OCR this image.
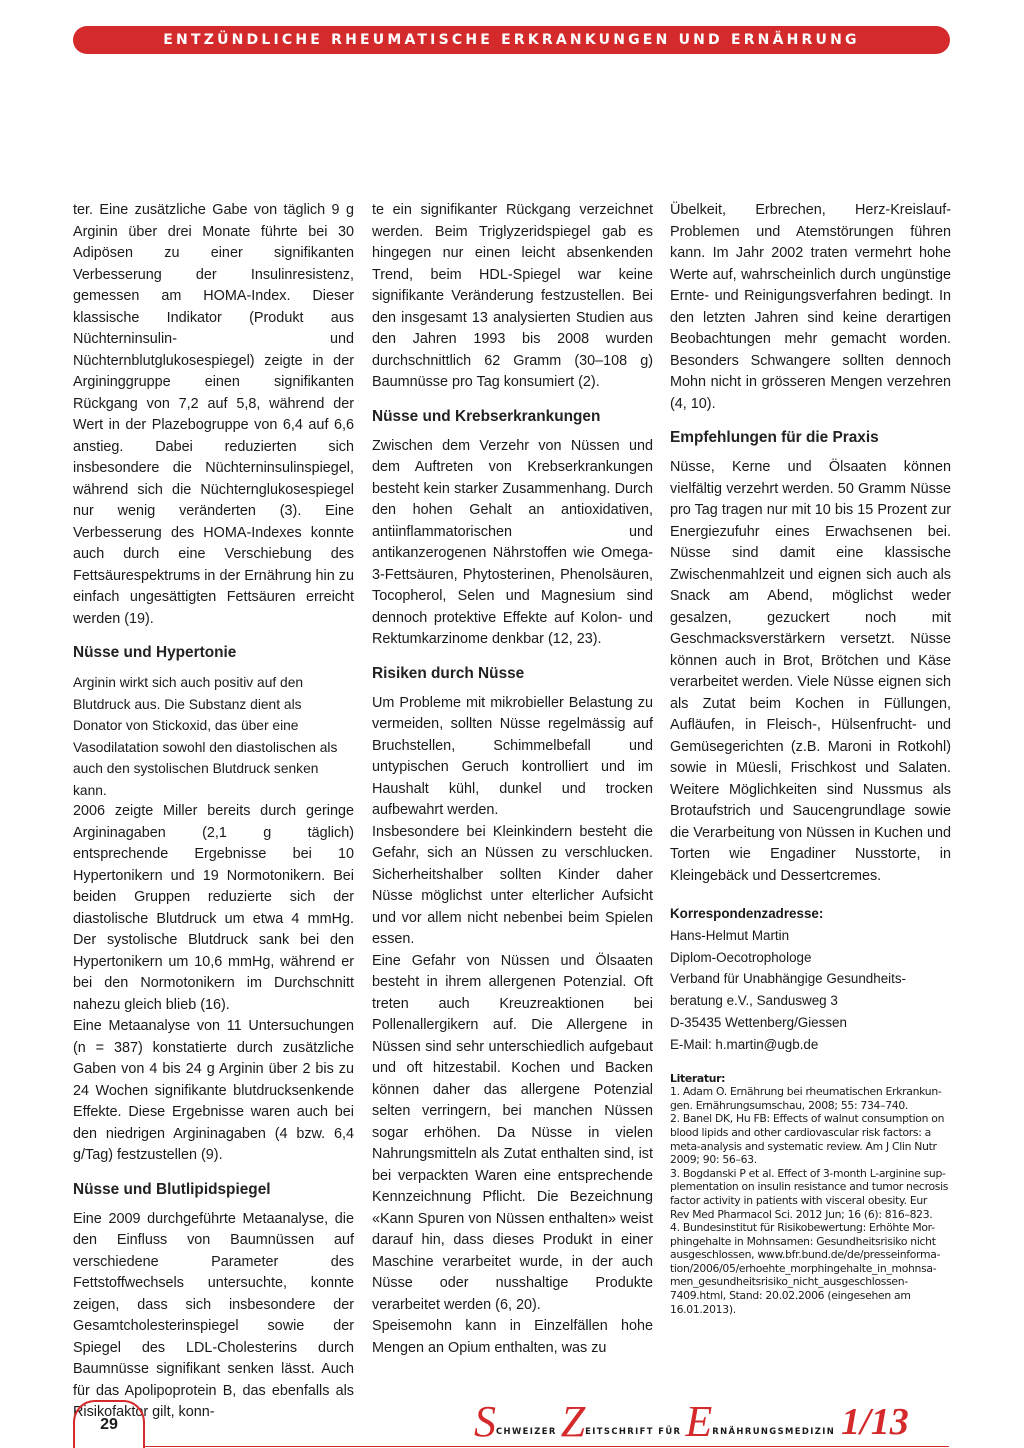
ENTZÜNDLICHE RHEUMATISCHE ERKRANKUNGEN UND ERNÄHRUNG

ter. Eine zusätzliche Gabe von täglich 9 g Arginin über drei Monate führte bei 30 Adipösen zu einer signifikanten Verbesserung der Insulinresistenz, gemessen am HOMA-Index. Dieser klassische Indikator (Produkt aus Nüchterninsulin- und Nüchternblutglukosespiegel) zeigte in der Argininggruppe einen signifikanten Rückgang von 7,2 auf 5,8, während der Wert in der Plazebogruppe von 6,4 auf 6,6 anstieg. Dabei reduzierten sich insbesondere die Nüchterninsulinspiegel, während sich die Nüchternglukosespiegel nur wenig veränderten (3). Eine Verbesserung des HOMA-Indexes konnte auch durch eine Verschiebung des Fettsäurespektrums in der Ernährung hin zu einfach ungesättigten Fettsäuren erreicht werden (19).

Nüsse und Hypertonie

Arginin wirkt sich auch positiv auf den Blutdruck aus. Die Substanz dient als Donator von Stickoxid, das über eine Vasodilatation sowohl den diastolischen als auch den systolischen Blutdruck senken kann.

2006 zeigte Miller bereits durch geringe Argininagaben (2,1 g täglich) entsprechende Ergebnisse bei 10 Hypertonikern und 19 Normotonikern. Bei beiden Gruppen reduzierte sich der diastolische Blutdruck um etwa 4 mmHg. Der systolische Blutdruck sank bei den Hypertonikern um 10,6 mmHg, während er bei den Normotonikern im Durchschnitt nahezu gleich blieb (16).

Eine Metaanalyse von 11 Untersuchungen (n = 387) konstatierte durch zusätzliche Gaben von 4 bis 24 g Arginin über 2 bis zu 24 Wochen signifikante blutdrucksenkende Effekte. Diese Ergebnisse waren auch bei den niedrigen Argininagaben (4 bzw. 6,4 g/Tag) festzustellen (9).

Nüsse und Blutlipidspiegel

Eine 2009 durchgeführte Metaanalyse, die den Einfluss von Baumnüssen auf verschiedene Parameter des Fettstoffwechsels untersuchte, konnte zeigen, dass sich insbesondere der Gesamtcholesterinspiegel sowie der Spiegel des LDL-Cholesterins durch Baumnüsse signifikant senken lässt. Auch für das Apolipoprotein B, das ebenfalls als Risikofaktor gilt, konn-

te ein signifikanter Rückgang verzeichnet werden. Beim Triglyzeridspiegel gab es hingegen nur einen leicht absenkenden Trend, beim HDL-Spiegel war keine signifikante Veränderung festzustellen. Bei den insgesamt 13 analysierten Studien aus den Jahren 1993 bis 2008 wurden durchschnittlich 62 Gramm (30–108 g) Baumnüsse pro Tag konsumiert (2).

Nüsse und Krebserkrankungen

Zwischen dem Verzehr von Nüssen und dem Auftreten von Krebserkrankungen besteht kein starker Zusammenhang. Durch den hohen Gehalt an antioxidativen, antiinflammatorischen und antikanzerogenen Nährstoffen wie Omega-3-Fettsäuren, Phytosterinen, Phenolsäuren, Tocopherol, Selen und Magnesium sind dennoch protektive Effekte auf Kolon- und Rektumkarzinome denkbar (12, 23).

Risiken durch Nüsse

Um Probleme mit mikrobieller Belastung zu vermeiden, sollten Nüsse regelmässig auf Bruchstellen, Schimmelbefall und untypischen Geruch kontrolliert und im Haushalt kühl, dunkel und trocken aufbewahrt werden.

Insbesondere bei Kleinkindern besteht die Gefahr, sich an Nüssen zu verschlucken. Sicherheitshalber sollten Kinder daher Nüsse möglichst unter elterlicher Aufsicht und vor allem nicht nebenbei beim Spielen essen.

Eine Gefahr von Nüssen und Ölsaaten besteht in ihrem allergenen Potenzial. Oft treten auch Kreuzreaktionen bei Pollenallergikern auf. Die Allergene in Nüssen sind sehr unterschiedlich aufgebaut und oft hitzestabil. Kochen und Backen können daher das allergene Potenzial selten verringern, bei manchen Nüssen sogar erhöhen. Da Nüsse in vielen Nahrungsmitteln als Zutat enthalten sind, ist bei verpackten Waren eine entsprechende Kennzeichnung Pflicht. Die Bezeichnung «Kann Spuren von Nüssen enthalten» weist darauf hin, dass dieses Produkt in einer Maschine verarbeitet wurde, in der auch Nüsse oder nusshaltige Produkte verarbeitet werden (6, 20).

Speisemohn kann in Einzelfällen hohe Mengen an Opium enthalten, was zu

Übelkeit, Erbrechen, Herz-Kreislauf-Problemen und Atemstörungen führen kann. Im Jahr 2002 traten vermehrt hohe Werte auf, wahrscheinlich durch ungünstige Ernte- und Reinigungsverfahren bedingt. In den letzten Jahren sind keine derartigen Beobachtungen mehr gemacht worden. Besonders Schwangere sollten dennoch Mohn nicht in grösseren Mengen verzehren (4, 10).

Empfehlungen für die Praxis

Nüsse, Kerne und Ölsaaten können vielfältig verzehrt werden. 50 Gramm Nüsse pro Tag tragen nur mit 10 bis 15 Prozent zur Energiezufuhr eines Erwachsenen bei. Nüsse sind damit eine klassische Zwischenmahlzeit und eignen sich auch als Snack am Abend, möglichst weder gesalzen, gezuckert noch mit Geschmacksverstärkern versetzt. Nüsse können auch in Brot, Brötchen und Käse verarbeitet werden. Viele Nüsse eignen sich als Zutat beim Kochen in Füllungen, Aufläufen, in Fleisch-, Hülsenfrucht- und Gemüsegerichten (z.B. Maroni in Rotkohl) sowie in Müesli, Frischkost und Salaten. Weitere Möglichkeiten sind Nussmus als Brotaufstrich und Saucengrundlage sowie die Verarbeitung von Nüssen in Kuchen und Torten wie Engadiner Nusstorte, in Kleingebäck und Dessertcremes.

Korrespondenzadresse:

Hans-Helmut Martin

Diplom-Oecotrophologe

Verband für Unabhängige Gesundheits-

beratung e.V., Sandusweg 3

D-35435 Wettenberg/Giessen

E-Mail: h.martin@ugb.de

Literatur:

1. Adam O. Ernährung bei rheumatischen Erkrankun-

gen. Ernährungsumschau, 2008; 55: 734–740.

2. Banel DK, Hu FB: Effects of walnut consumption on

blood lipids and other cardiovascular risk factors: a

meta-analysis and systematic review. Am J Clin Nutr

2009; 90: 56–63.

3. Bogdanski P et al. Effect of 3-month L-arginine sup-

plementation on insulin resistance and tumor necrosis

factor activity in patients with visceral obesity. Eur

Rev Med Pharmacol Sci. 2012 Jun; 16 (6): 816–823.

4. Bundesinstitut für Risikobewertung: Erhöhte Mor-

phingehalte in Mohnsamen: Gesundheitsrisiko nicht

ausgeschlossen, www.bfr.bund.de/de/presseinforma-

tion/2006/05/erhoehte_morphingehalte_in_mohnsa-

men_gesundheitsrisiko_nicht_ausgeschlossen-

7409.html, Stand: 20.02.2006 (eingesehen am

16.01.2013).

29	S CHWEIZER Z EITSCHRIFT FÜR E RNÄHRUNGSMEDIZIN 1/13
